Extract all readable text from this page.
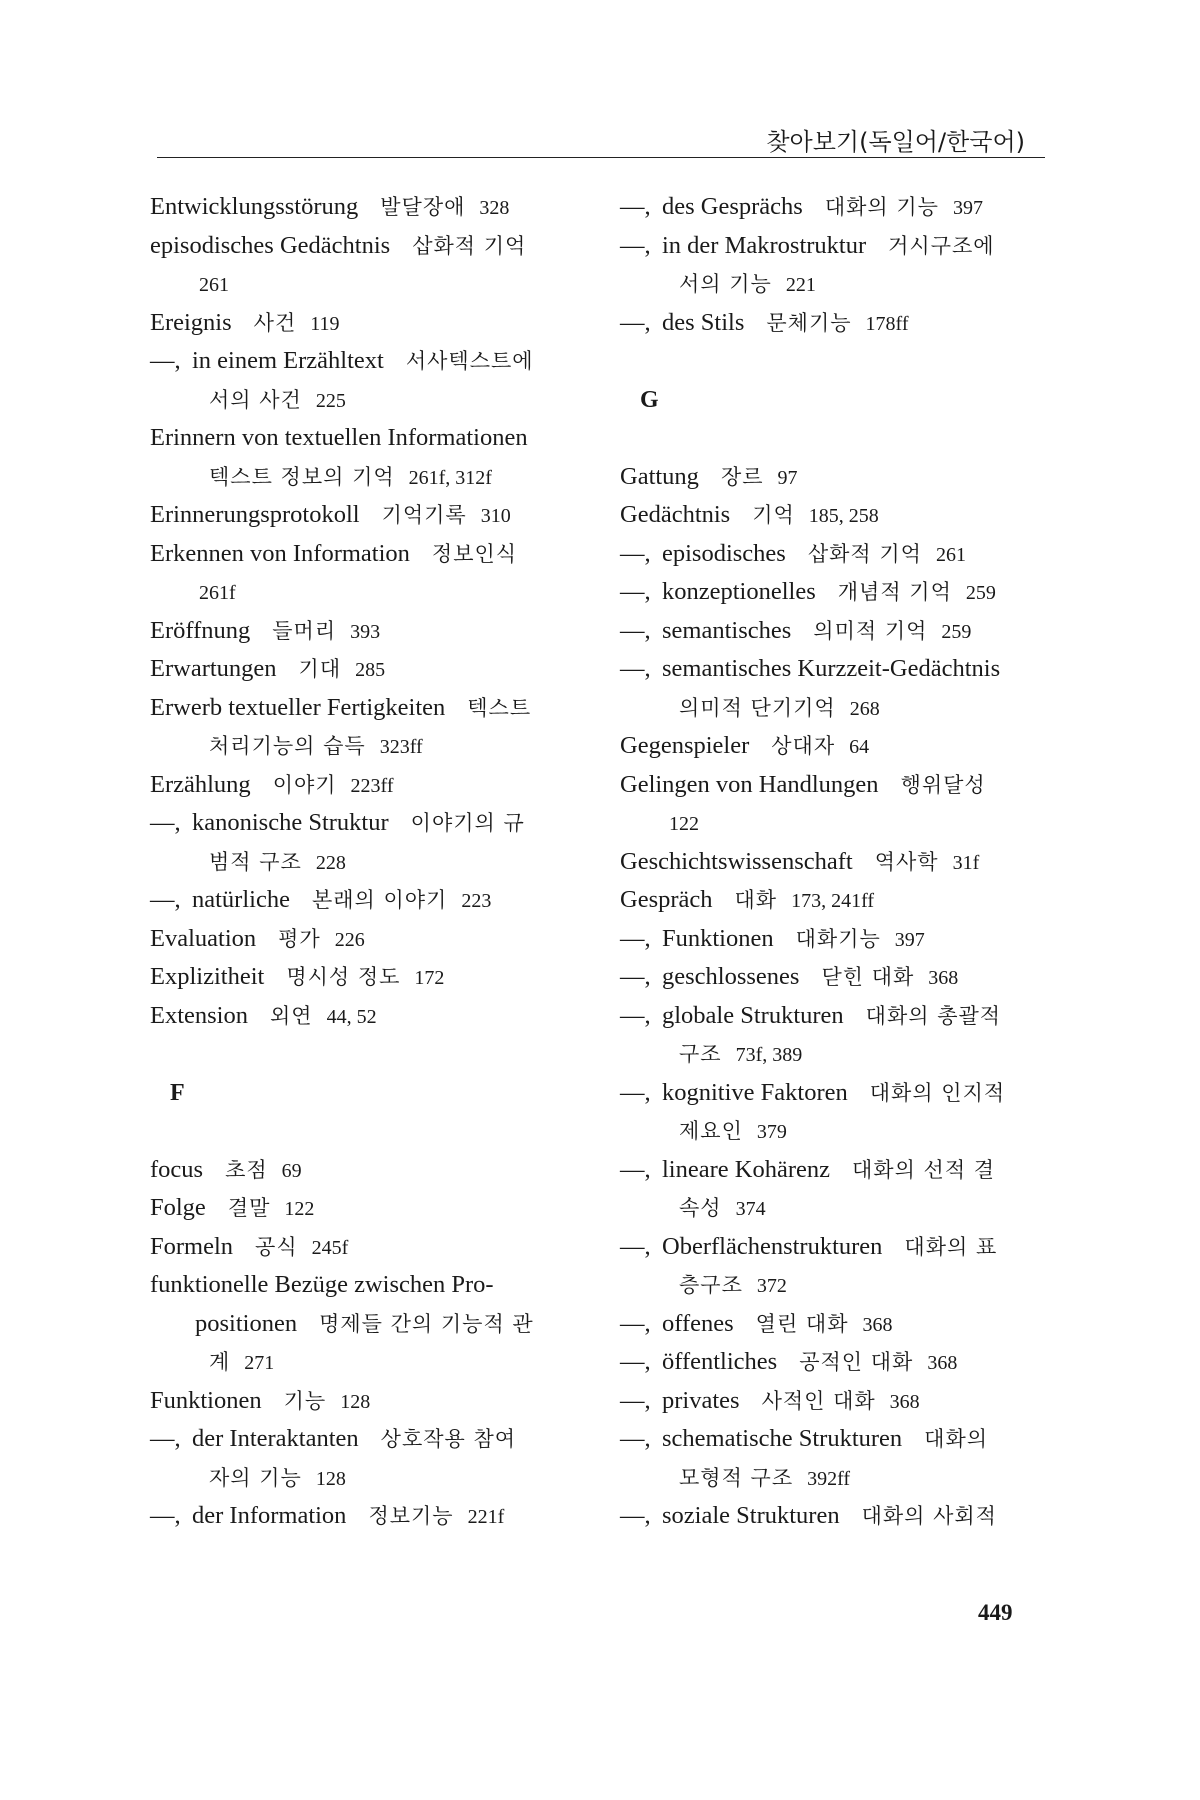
찾아보기(독일어/한국어)
Entwicklungsstörung 발달장애 328
episodisches Gedächtnis 삽화적 기억
261
Ereignis 사건 119
—, in einem Erzähltext 서사텍스트에
서의 사건 225
Erinnern von textuellen Informationen
텍스트 정보의 기억 261f, 312f
Erinnerungsprotokoll 기억기록 310
Erkennen von Information 정보인식
261f
Eröffnung 들머리 393
Erwartungen 기대 285
Erwerb textueller Fertigkeiten 텍스트
처리기능의 습득 323ff
Erzählung 이야기 223ff
—, kanonische Struktur 이야기의 규
범적 구조 228
—, natürliche 본래의 이야기 223
Evaluation 평가 226
Explizitheit 명시성 정도 172
Extension 외연 44, 52
F
focus 초점 69
Folge 결말 122
Formeln 공식 245f
funktionelle Bezüge zwischen Pro-
positionen 명제들 간의 기능적 관
계 271
Funktionen 기능 128
—, der Interaktanten 상호작용 참여
자의 기능 128
—, der Information 정보기능 221f
—, des Gesprächs 대화의 기능 397
—, in der Makrostruktur 거시구조에
서의 기능 221
—, des Stils 문체기능 178ff
G
Gattung 장르 97
Gedächtnis 기억 185, 258
—, episodisches 삽화적 기억 261
—, konzeptionelles 개념적 기억 259
—, semantisches 의미적 기억 259
—, semantisches Kurzzeit-Gedächtnis
의미적 단기기억 268
Gegenspieler 상대자 64
Gelingen von Handlungen 행위달성
122
Geschichtswissenschaft 역사학 31f
Gespräch 대화 173, 241ff
—, Funktionen 대화기능 397
—, geschlossenes 닫힌 대화 368
—, globale Strukturen 대화의 총괄적
구조 73f, 389
—, kognitive Faktoren 대화의 인지적
제요인 379
—, lineare Kohärenz 대화의 선적 결
속성 374
—, Oberflächenstrukturen 대화의 표
층구조 372
—, offenes 열린 대화 368
—, öffentliches 공적인 대화 368
—, privates 사적인 대화 368
—, schematische Strukturen 대화의
모형적 구조 392ff
—, soziale Strukturen 대화의 사회적
449
